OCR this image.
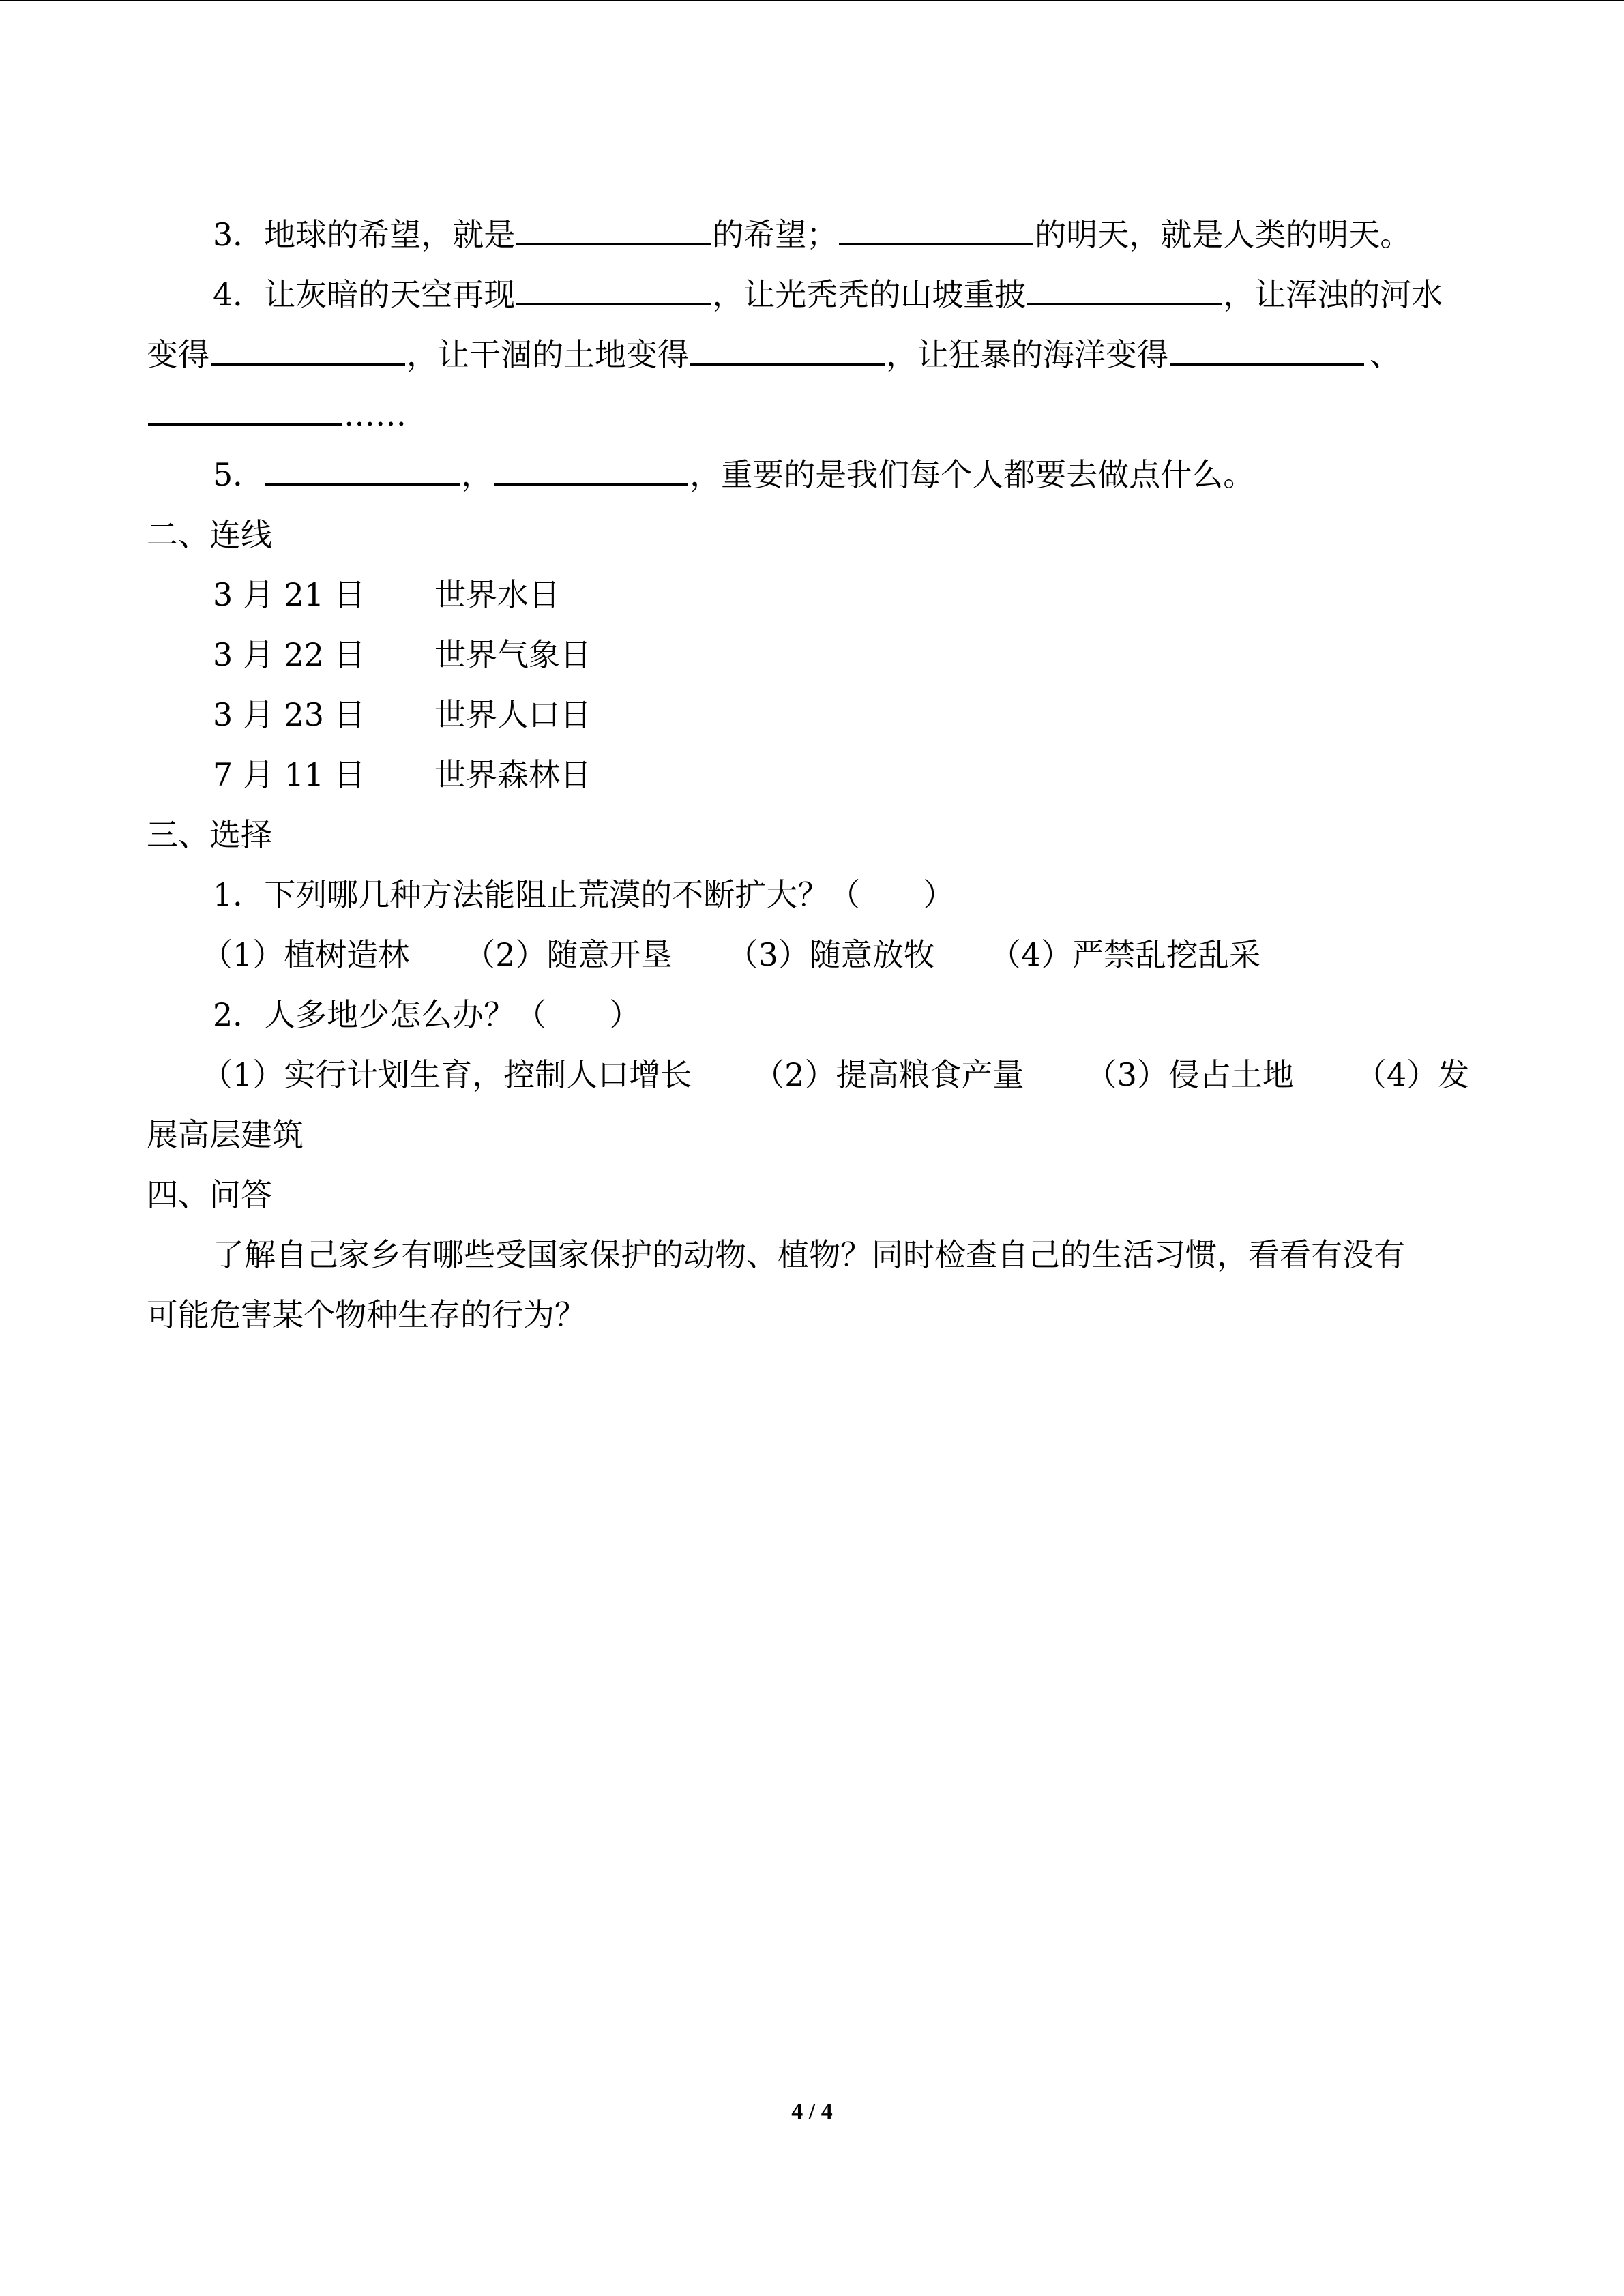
3．地球的希望，就是	的希望；	的明天，就是人类的明天。
4．让灰暗的天空再现	，让光秃秃的山坡重披	，让浑浊的河水
变得	，让干涸的土地变得	，让狂暴的海洋变得	、
……
5．	，	，重要的是我们每个人都要去做点什么。
二、连线
3 月 21 日 世界水日
3 月 22 日 世界气象日
3 月 23 日 世界人口日
7 月 11 日 世界森林日
三、选择
1．下列哪几种方法能阻止荒漠的不断扩大？（　　）
（1）植树造林 （2）随意开垦 （3）随意放牧 （4）严禁乱挖乱采
2．人多地少怎么办？（　　）
（1）实行计划生育，控制人口增长 （2）提高粮食产量 （3）侵占土地 （4）发
展高层建筑
四、问答
了解自己家乡有哪些受国家保护的动物、植物？同时检查自己的生活习惯，看看有没有
可能危害某个物种生存的行为？
4 / 4
